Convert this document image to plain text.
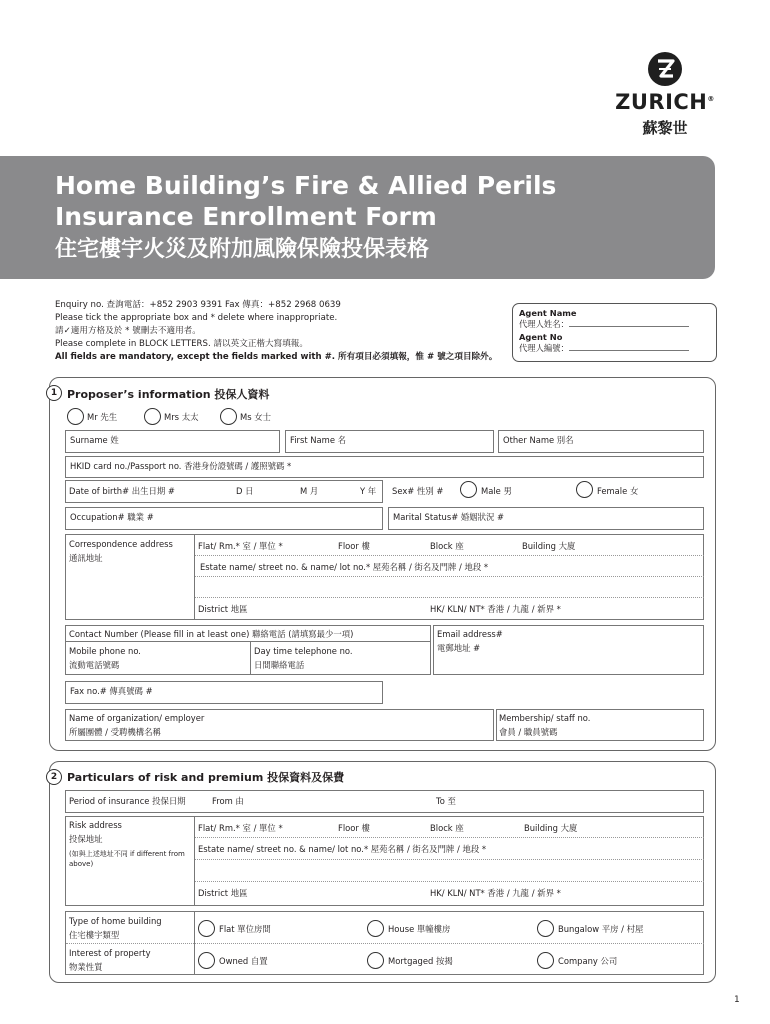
ZURICH®
蘇黎世
Home Building’s Fire & Allied Perils
Insurance Enrollment Form
住宅樓宇火災及附加風險保險投保表格
Enquiry no. 查詢電話：+852 2903 9391 Fax 傳真：+852 2968 0639
Please tick the appropriate box and * delete where inappropriate.
請✓適用方格及於 * 號刪去不適用者。
Please complete in BLOCK LETTERS. 請以英文正楷大寫填報。
All fields are mandatory, except the fields marked with #. 所有項目必須填報，惟 # 號之項目除外。
Agent Name
代理人姓名：
Agent No
代理人編號：
1 Proposer’s information 投保人資料
Mr 先生	Mrs 太太	Ms 女士
Surname 姓	First Name 名	Other Name 別名
HKID card no./Passport no. 香港身份證號碼 / 護照號碼 *
Date of birth# 出生日期 #	D 日	M 月	Y 年 Sex# 性別 #	Male 男	Female 女
Occupation# 職業 #	Marital Status# 婚姻狀況 #
Correspondence address
通訊地址
Flat/ Rm.* 室 / 單位 *	Floor 樓	Block 座	Building 大廈
Estate name/ street no. & name/ lot no.* 屋苑名稱 / 街名及門牌 / 地段 *
District 地區	HK/ KLN/ NT* 香港 / 九龍 / 新界 *
Contact Number (Please fill in at least one) 聯絡電話 (請填寫最少一項)
Mobile phone no.
流動電話號碼
Day time telephone no.
日間聯絡電話
Email address#
電郵地址 #
Fax no.# 傳真號碼 #
Name of organization/ employer
所屬團體 / 受聘機構名稱
Membership/ staff no.
會員 / 職員號碼
2 Particulars of risk and premium 投保資料及保費
Period of insurance 投保日期	From 由	To 至
Risk address
投保地址
(如與上述地址不同 if different from above)
Flat/ Rm.* 室 / 單位 *	Floor 樓	Block 座	Building 大廈
Estate name/ street no. & name/ lot no.* 屋苑名稱 / 街名及門牌 / 地段 *
District 地區	HK/ KLN/ NT* 香港 / 九龍 / 新界 *
Type of home building
住宅樓宇類型
Flat 單位房間	House 單幢樓房	Bungalow 平房 / 村屋
Interest of property
物業性質
Owned 自置	Mortgaged 按揭	Company 公司
1
